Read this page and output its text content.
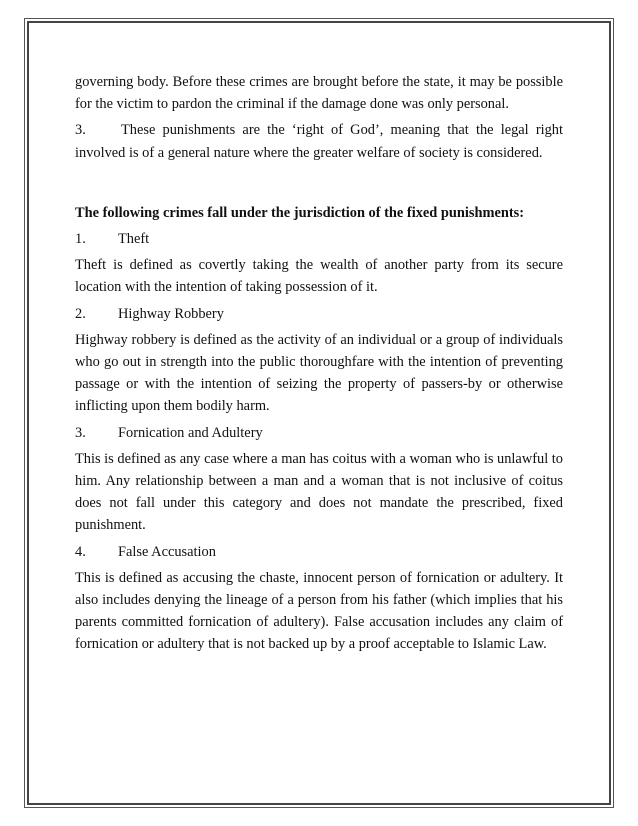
governing body. Before these crimes are brought before the state, it may be possible for the victim to pardon the criminal if the damage done was only personal.

3. These punishments are the ‘right of God’, meaning that the legal right involved is of a general nature where the greater welfare of society is considered.

The following crimes fall under the jurisdiction of the fixed punishments:

1.	Theft

Theft is defined as covertly taking the wealth of another party from its secure location with the intention of taking possession of it.

2.	Highway Robbery

Highway robbery is defined as the activity of an individual or a group of individuals who go out in strength into the public thoroughfare with the intention of preventing passage or with the intention of seizing the property of passers-by or otherwise inflicting upon them bodily harm.

3.	Fornication and Adultery

This is defined as any case where a man has coitus with a woman who is unlawful to him. Any relationship between a man and a woman that is not inclusive of coitus does not fall under this category and does not mandate the prescribed, fixed punishment.

4.	False Accusation

This is defined as accusing the chaste, innocent person of fornication or adultery. It also includes denying the lineage of a person from his father (which implies that his parents committed fornication of adultery). False accusation includes any claim of fornication or adultery that is not backed up by a proof acceptable to Islamic Law.
